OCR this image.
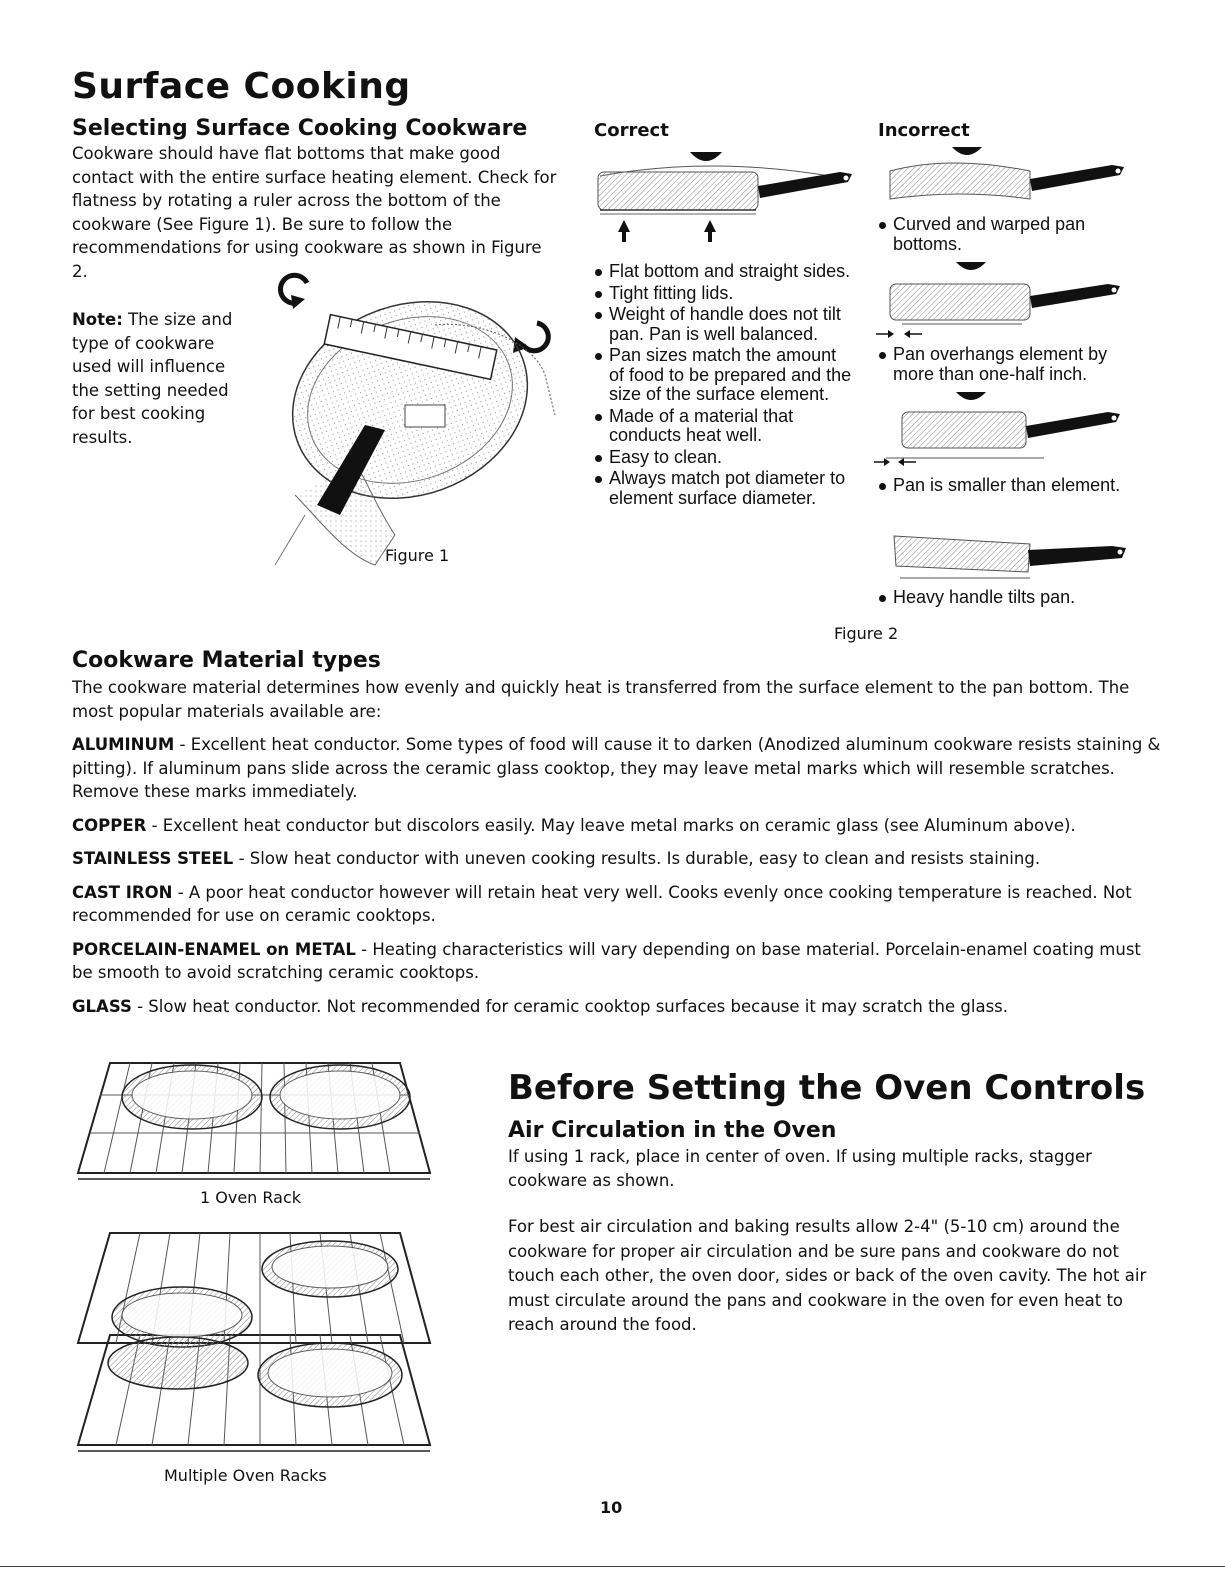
Surface Cooking
Selecting Surface Cooking Cookware
Cookware should have flat bottoms that make good contact with the entire surface heating element. Check for flatness by rotating a ruler across the bottom of the cookware (See Figure 1). Be sure to follow the recommendations for using cookware as shown in Figure 2.
Note: The size and type of cookware used will influence the setting needed for best cooking results.
Figure 1
Correct	Incorrect
Flat bottom and straight sides.
Tight fitting lids.
Weight of handle does not tilt pan. Pan is well balanced.
Pan sizes match the amount of food to be prepared and the size of the surface element.
Made of a material that conducts heat well.
Easy to clean.
Always match pot diameter to element surface diameter.
Curved and warped pan bottoms.
Pan overhangs element by more than one-half inch.
Pan is smaller than element.
Heavy handle tilts pan.
Figure 2
Cookware Material types

The cookware material determines how evenly and quickly heat is transferred from the surface element to the pan bottom. The most popular materials available are:

ALUMINUM - Excellent heat conductor. Some types of food will cause it to darken (Anodized aluminum cookware resists staining & pitting). If aluminum pans slide across the ceramic glass cooktop, they may leave metal marks which will resemble scratches. Remove these marks immediately.

COPPER - Excellent heat conductor but discolors easily. May leave metal marks on ceramic glass (see Aluminum above).

STAINLESS STEEL - Slow heat conductor with uneven cooking results. Is durable, easy to clean and resists staining.

CAST IRON - A poor heat conductor however will retain heat very well. Cooks evenly once cooking temperature is reached. Not recommended for use on ceramic cooktops.

PORCELAIN-ENAMEL on METAL - Heating characteristics will vary depending on base material. Porcelain-enamel coating must be smooth to avoid scratching ceramic cooktops.

GLASS - Slow heat conductor. Not recommended for ceramic cooktop surfaces because it may scratch the glass.

1 Oven Rack
Multiple Oven Racks
Before Setting the Oven Controls
Air Circulation in the Oven
If using 1 rack, place in center of oven. If using multiple racks, stagger cookware as shown.
For best air circulation and baking results allow 2-4" (5-10 cm) around the cookware for proper air circulation and be sure pans and cookware do not touch each other, the oven door, sides or back of the oven cavity. The hot air must circulate around the pans and cookware in the oven for even heat to reach around the food.
10
